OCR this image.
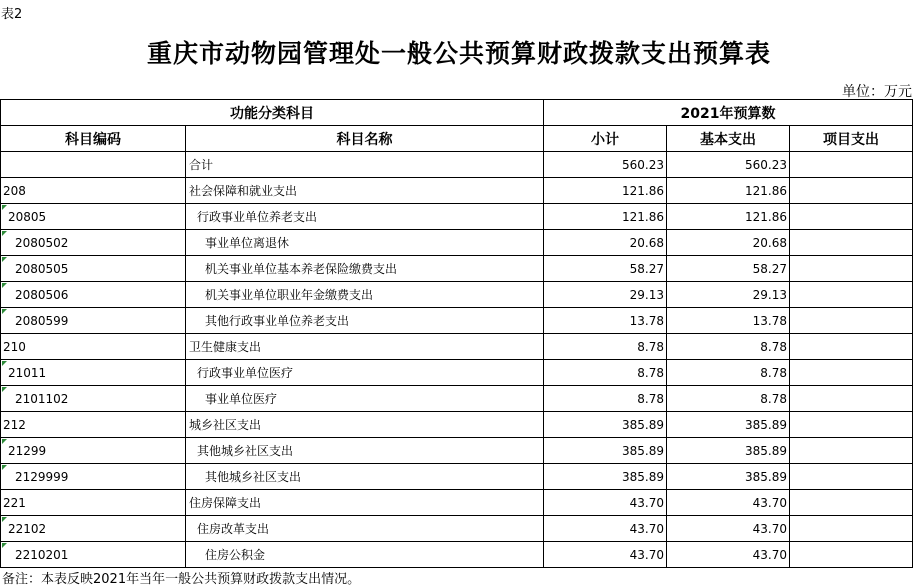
表2
重庆市动物园管理处一般公共预算财政拨款支出预算表
单位：万元
功能分类科目		2021年预算数		
科目编码	科目名称	小计	基本支出	项目支出
	合计	560.23	560.23	
208	社会保障和就业支出	121.86	121.86	
20805	行政事业单位养老支出	121.86	121.86	
2080502	事业单位离退休	20.68	20.68	
2080505	机关事业单位基本养老保险缴费支出	58.27	58.27	
2080506	机关事业单位职业年金缴费支出	29.13	29.13	
2080599	其他行政事业单位养老支出	13.78	13.78	
210	卫生健康支出	8.78	8.78	
21011	行政事业单位医疗	8.78	8.78	
2101102	事业单位医疗	8.78	8.78	
212	城乡社区支出	385.89	385.89	
21299	其他城乡社区支出	385.89	385.89	
2129999	其他城乡社区支出	385.89	385.89	
221	住房保障支出	43.70	43.70	
22102	住房改革支出	43.70	43.70	
2210201	住房公积金	43.70	43.70	
备注：本表反映2021年当年一般公共预算财政拨款支出情况。
